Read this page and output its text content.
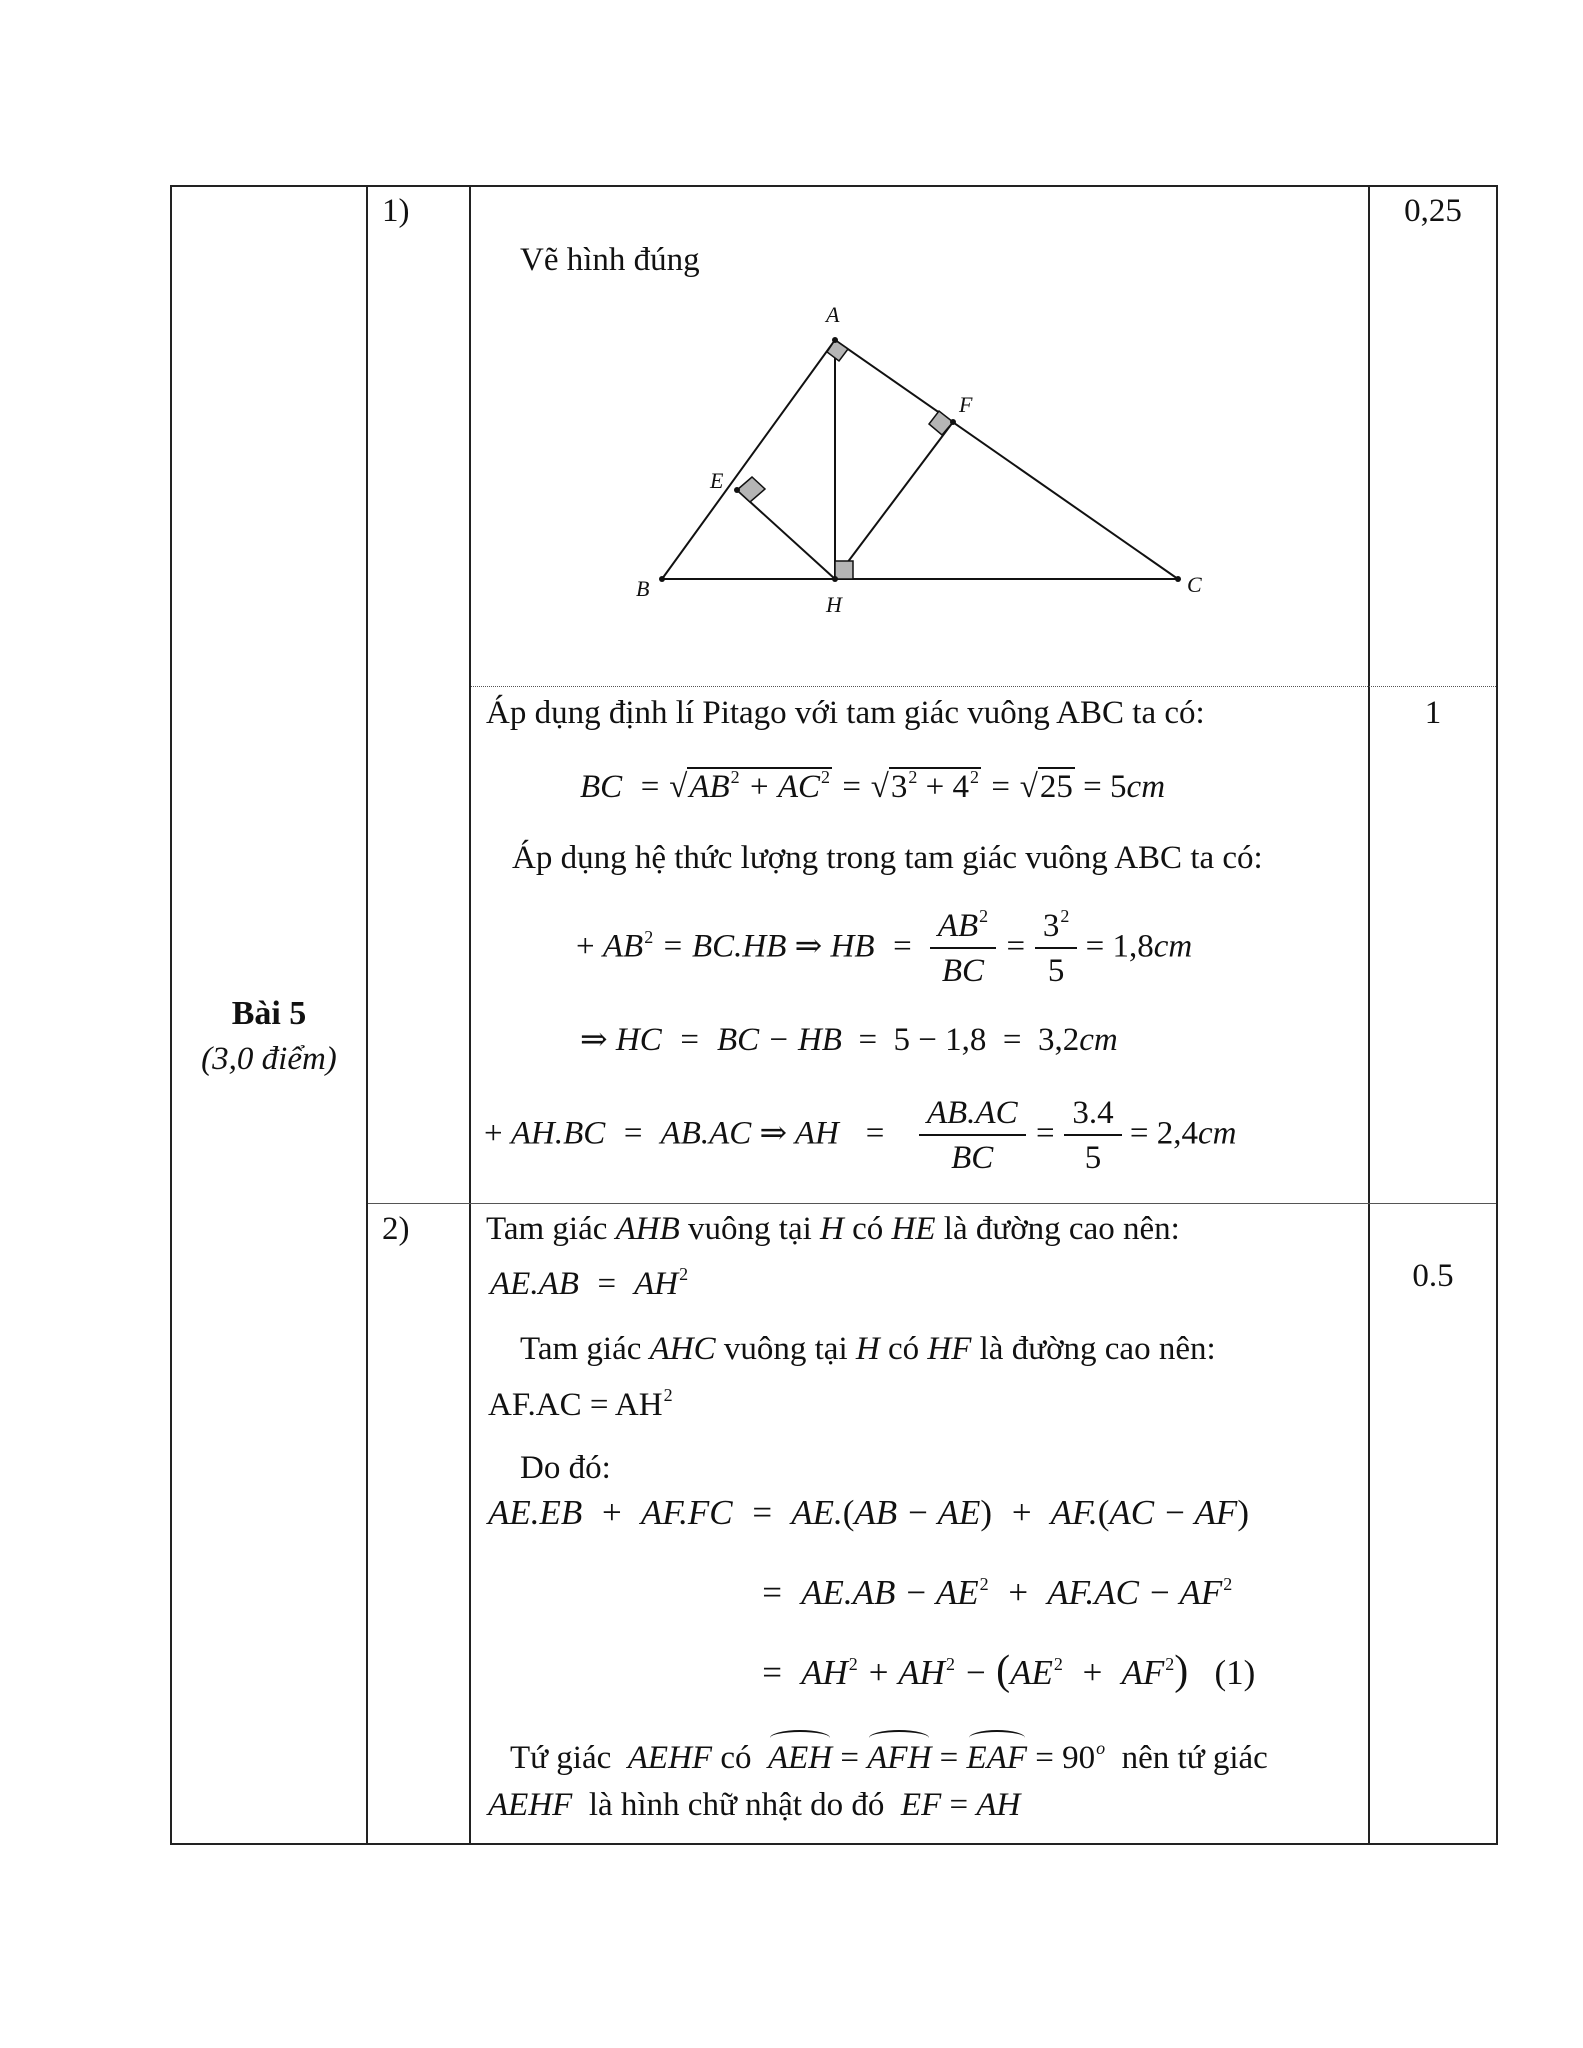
Bài 5
(3,0 điểm)
1)
Vẽ hình đúng
0,25
A
F
E
B
H
C
Áp dụng định lí Pitago với tam giác vuông ABC ta có:	1
BC  = $√AB^2 + AC^2 = √3^2 + 4^2 = √25 = 5cm$
Áp dụng hệ thức lượng trong tam giác vuông ABC ta có:
+ $AB^2 = BC.HB$ ⇒ HB  = $\frac{AB^2}{BC} = \frac{3^2}{5} = 1,8cm$
⇒ HC  =  BC − HB  =  5 − 1,8  =  3,2cm
+ AH.BC  =  AB.AC ⇒ AH   = $\frac{AB.AC}{BC} = \frac{3.4}{5} = 2,4cm$
2)
0.5
Tam giác AHB vuông tại H có HE là đường cao nên:
$AE.AB = AH^2$
Tam giác AHC vuông tại H có HF là đường cao nên:
$AF.AC = AH^2$
Do đó:
AE.EB  +  AF.FC  =  AE.(AB − AE)  +  AF.(AC − AF)
=  $AE.AB - AE^2 + AF.AC - AF^2$
=  $AH^2 + AH^2 - (AE^2 + AF^2)$ (1)
Tứ giác  AEHF có  AEH = AFH = EAF = $90^o$  nên tứ giác
AEHF  là hình chữ nhật do đó  EF = AH
